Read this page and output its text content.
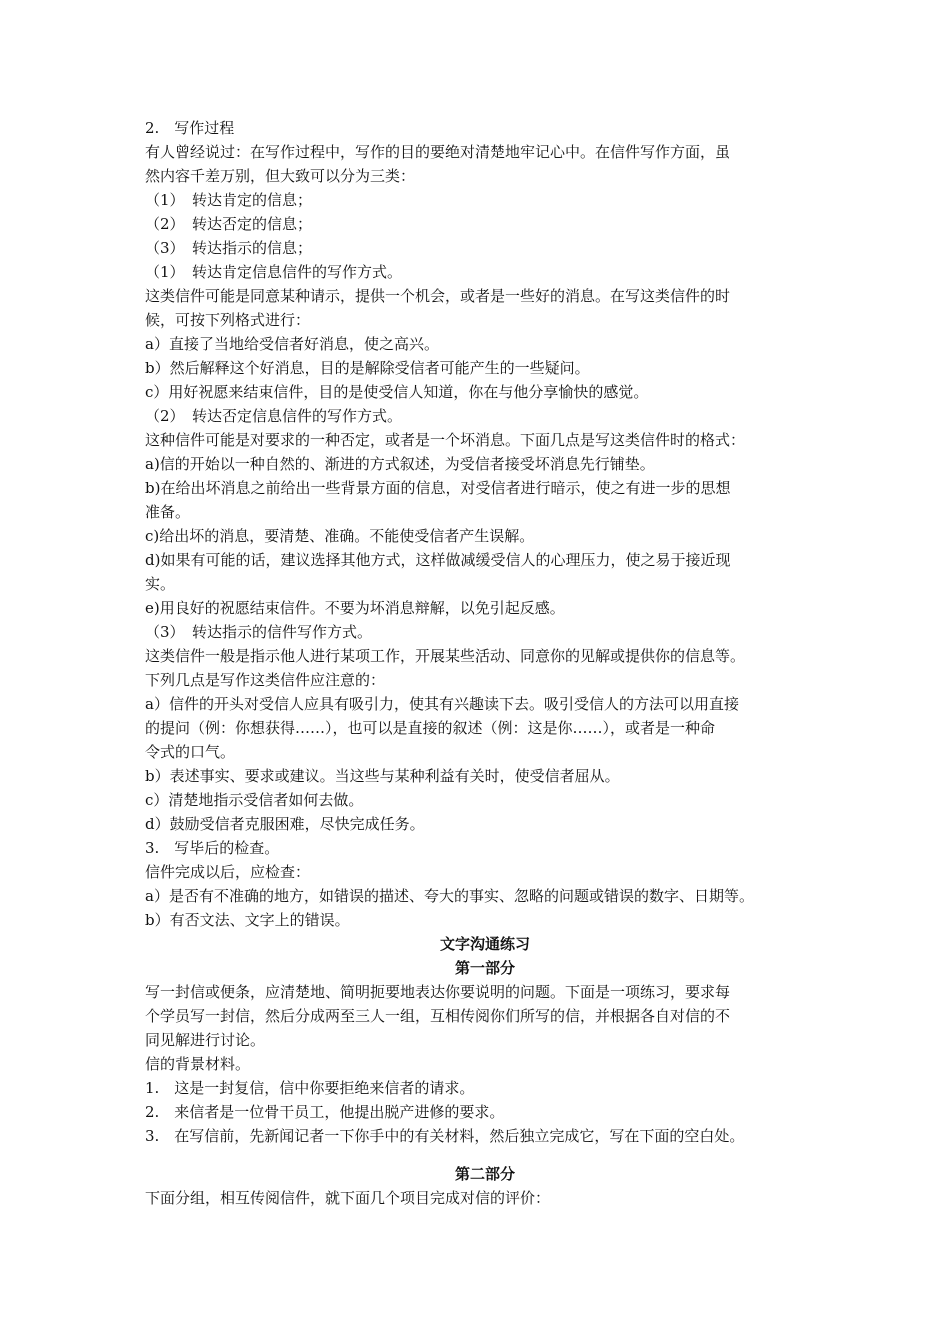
2.　写作过程
有人曾经说过：在写作过程中，写作的目的要绝对清楚地牢记心中。在信件写作方面，虽
然内容千差万别，但大致可以分为三类：
（1）　转达肯定的信息；
（2）　转达否定的信息；
（3）　转达指示的信息；
（1）　转达肯定信息信件的写作方式。
这类信件可能是同意某种请示，提供一个机会，或者是一些好的消息。在写这类信件的时
候，可按下列格式进行：
a）直接了当地给受信者好消息，使之高兴。
b）然后解释这个好消息，目的是解除受信者可能产生的一些疑问。
c）用好祝愿来结束信件，目的是使受信人知道，你在与他分享愉快的感觉。
（2）　转达否定信息信件的写作方式。
这种信件可能是对要求的一种否定，或者是一个坏消息。下面几点是写这类信件时的格式：
a)信的开始以一种自然的、渐进的方式叙述，为受信者接受坏消息先行铺垫。
b)在给出坏消息之前给出一些背景方面的信息，对受信者进行暗示，使之有进一步的思想
准备。
c)给出坏的消息，要清楚、准确。不能使受信者产生误解。
d)如果有可能的话，建议选择其他方式，这样做减缓受信人的心理压力，使之易于接近现
实。
e)用良好的祝愿结束信件。不要为坏消息辩解，以免引起反感。
（3）　转达指示的信件写作方式。
这类信件一般是指示他人进行某项工作，开展某些活动、同意你的见解或提供你的信息等。
下列几点是写作这类信件应注意的：
a）信件的开头对受信人应具有吸引力，使其有兴趣读下去。吸引受信人的方法可以用直接
的提问（例：你想获得……），也可以是直接的叙述（例：这是你……），或者是一种命
令式的口气。
b）表述事实、要求或建议。当这些与某种利益有关时，使受信者屈从。
c）清楚地指示受信者如何去做。
d）鼓励受信者克服困难，尽快完成任务。
3.　写毕后的检查。
信件完成以后，应检查：
a）是否有不准确的地方，如错误的描述、夸大的事实、忽略的问题或错误的数字、日期等。
b）有否文法、文字上的错误。
文字沟通练习
第一部分
写一封信或便条，应清楚地、简明扼要地表达你要说明的问题。下面是一项练习，要求每
个学员写一封信，然后分成两至三人一组，互相传阅你们所写的信，并根据各自对信的不
同见解进行讨论。
信的背景材料。
1.　这是一封复信，信中你要拒绝来信者的请求。
2.　来信者是一位骨干员工，他提出脱产进修的要求。
3.　在写信前，先新闻记者一下你手中的有关材料，然后独立完成它，写在下面的空白处。
第二部分
下面分组，相互传阅信件，就下面几个项目完成对信的评价：
